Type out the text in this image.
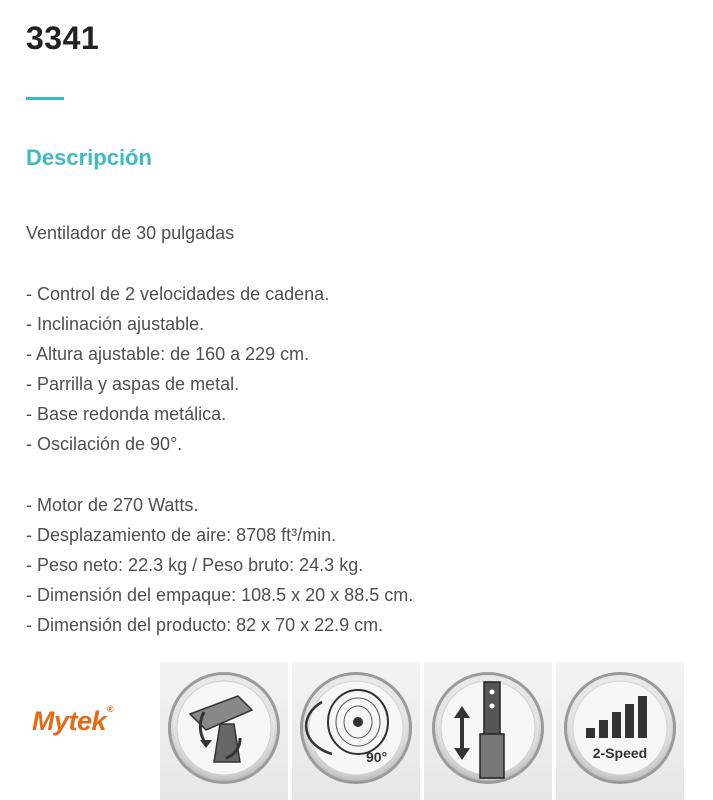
3341
Descripción
Ventilador de 30 pulgadas
- Control de 2 velocidades de cadena.
- Inclinación ajustable.
- Altura ajustable: de 160 a 229 cm.
- Parrilla y aspas de metal.
- Base redonda metálica.
- Oscilación de 90°.
- Motor de 270 Watts.
- Desplazamiento de aire: 8708 ft³/min.
- Peso neto: 22.3 kg / Peso bruto: 24.3 kg.
- Dimensión del empaque: 108.5 x 20 x 88.5 cm.
- Dimensión del producto: 82 x 70 x 22.9 cm.
Mytek®
90°	2-Speed
